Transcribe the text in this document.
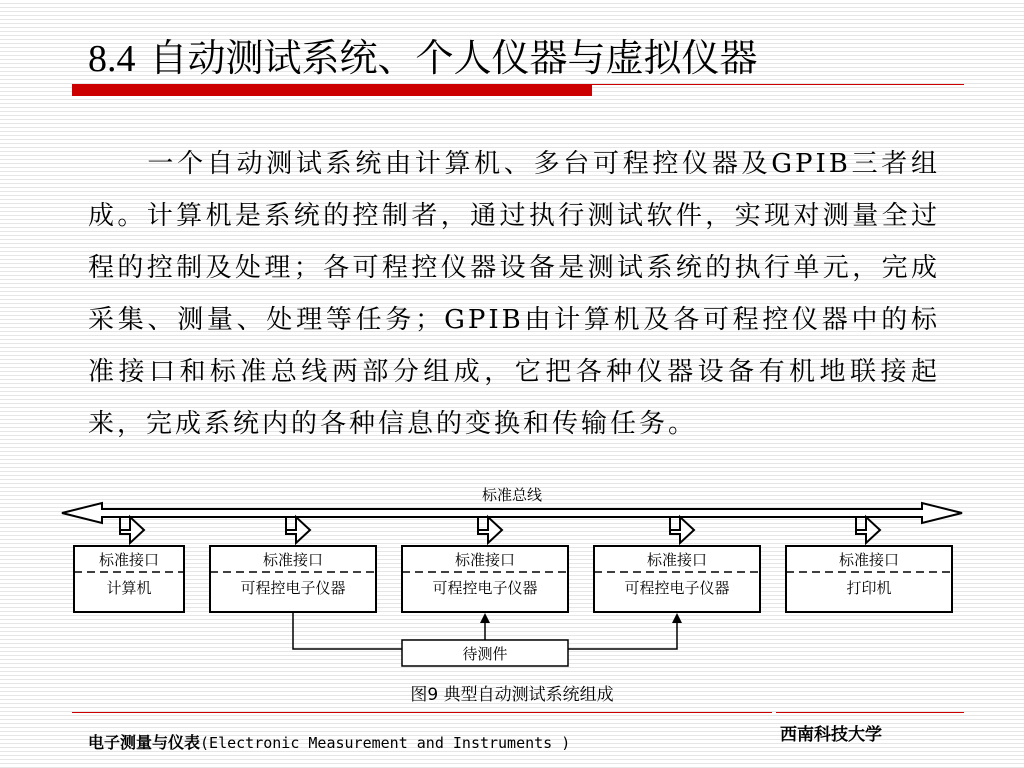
8.4 自动测试系统、个人仪器与虚拟仪器

　　一个自动测试系统由计算机、多台可程控仪器及GPIB三者组成。计算机是系统的控制者，通过执行测试软件，实现对测量全过程的控制及处理；各可程控仪器设备是测试系统的执行单元，完成采集、测量、处理等任务；GPIB由计算机及各可程控仪器中的标准接口和标准总线两部分组成，它把各种仪器设备有机地联接起来，完成系统内的各种信息的变换和传输任务。

标准总线
标准接口
计算机
标准接口
可程控电子仪器
标准接口
可程控电子仪器
标准接口
可程控电子仪器
标准接口
打印机
待测件
图9 典型自动测试系统组成
电子测量与仪表(Electronic Measurement and Instruments )	西南科技大学
